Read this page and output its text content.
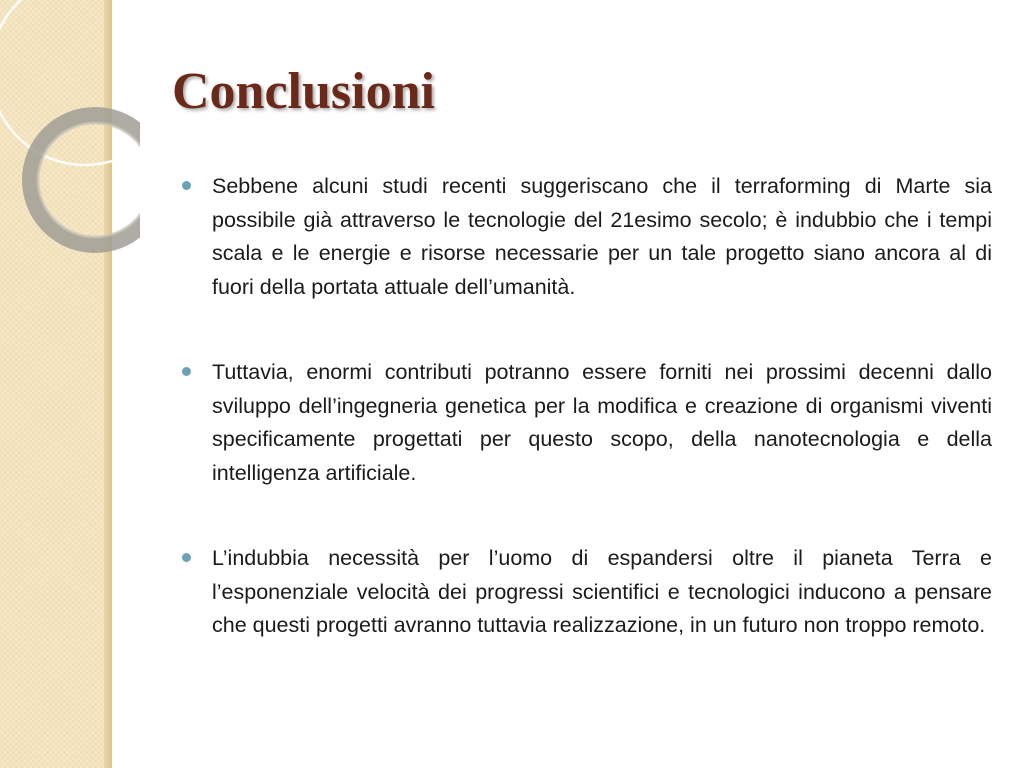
Conclusioni

Sebbene alcuni studi recenti suggeriscano che il terraforming di Marte sia possibile già attraverso le tecnologie del 21esimo secolo; è indubbio che i tempi scala e le energie e risorse necessarie per un tale progetto siano ancora al di fuori della portata attuale dell’umanità.

Tuttavia, enormi contributi potranno essere forniti nei prossimi decenni dallo sviluppo dell’ingegneria genetica per la modifica e creazione di organismi viventi specificamente progettati per questo scopo, della nanotecnologia e della intelligenza artificiale.

L’indubbia necessità per l’uomo di espandersi oltre il pianeta Terra e l’esponenziale velocità dei progressi scientifici e tecnologici inducono a pensare che questi progetti avranno tuttavia realizzazione, in un futuro non troppo remoto.
